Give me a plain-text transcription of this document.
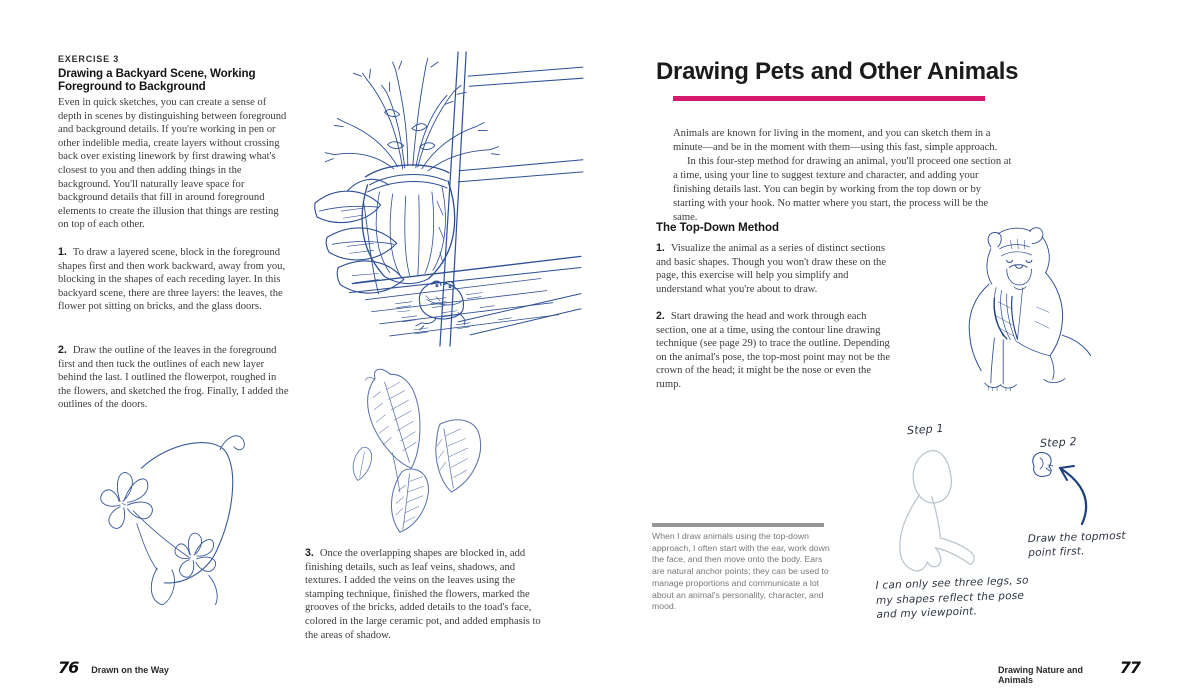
EXERCISE 3
Drawing a Backyard Scene, Working Foreground to Background

Even in quick sketches, you can create a sense of depth in scenes by distinguishing between foreground and background details. If you're working in pen or other indelible media, create layers without crossing back over existing linework by first drawing what's closest to you and then adding things in the background. You'll naturally leave space for background details that fill in around foreground elements to create the illusion that things are resting on top of each other.

1. To draw a layered scene, block in the foreground shapes first and then work backward, away from you, blocking in the shapes of each receding layer. In this backyard scene, there are three layers: the leaves, the flower pot sitting on bricks, and the glass doors.

2. Draw the outline of the leaves in the foreground first and then tuck the outlines of each new layer behind the last. I outlined the flowerpot, roughed in the flowers, and sketched the frog. Finally, I added the outlines of the doors.

3. Once the overlapping shapes are blocked in, add finishing details, such as leaf veins, shadows, and textures. I added the veins on the leaves using the stamping technique, finished the flowers, marked the grooves of the bricks, added details to the toad's face, colored in the large ceramic pot, and added emphasis to the areas of shadow.

76 Drawn on the Way
Drawing Pets and Other Animals

Animals are known for living in the moment, and you can sketch them in a minute—and be in the moment with them—using this fast, simple approach.

In this four-step method for drawing an animal, you'll proceed one section at a time, using your line to suggest texture and character, and adding your finishing details last. You can begin by working from the top down or by starting with your hook. No matter where you start, the process will be the same.

The Top-Down Method

1. Visualize the animal as a series of distinct sections and basic shapes. Though you won't draw these on the page, this exercise will help you simplify and understand what you're about to draw.

2. Start drawing the head and work through each section, one at a time, using the contour line drawing technique (see page 29) to trace the outline. Depending on the animal's pose, the top-most point may not be the crown of the head; it might be the nose or even the rump.

When I draw animals using the top-down approach, I often start with the ear, work down the face, and then move onto the body. Ears are natural anchor points; they can be used to manage proportions and communicate a lot about an animal's personality, character, and mood.

Step 1
Step 2
Draw the topmost point first.
I can only see three legs, so my shapes reflect the pose and my viewpoint.
Drawing Nature and Animals
77
